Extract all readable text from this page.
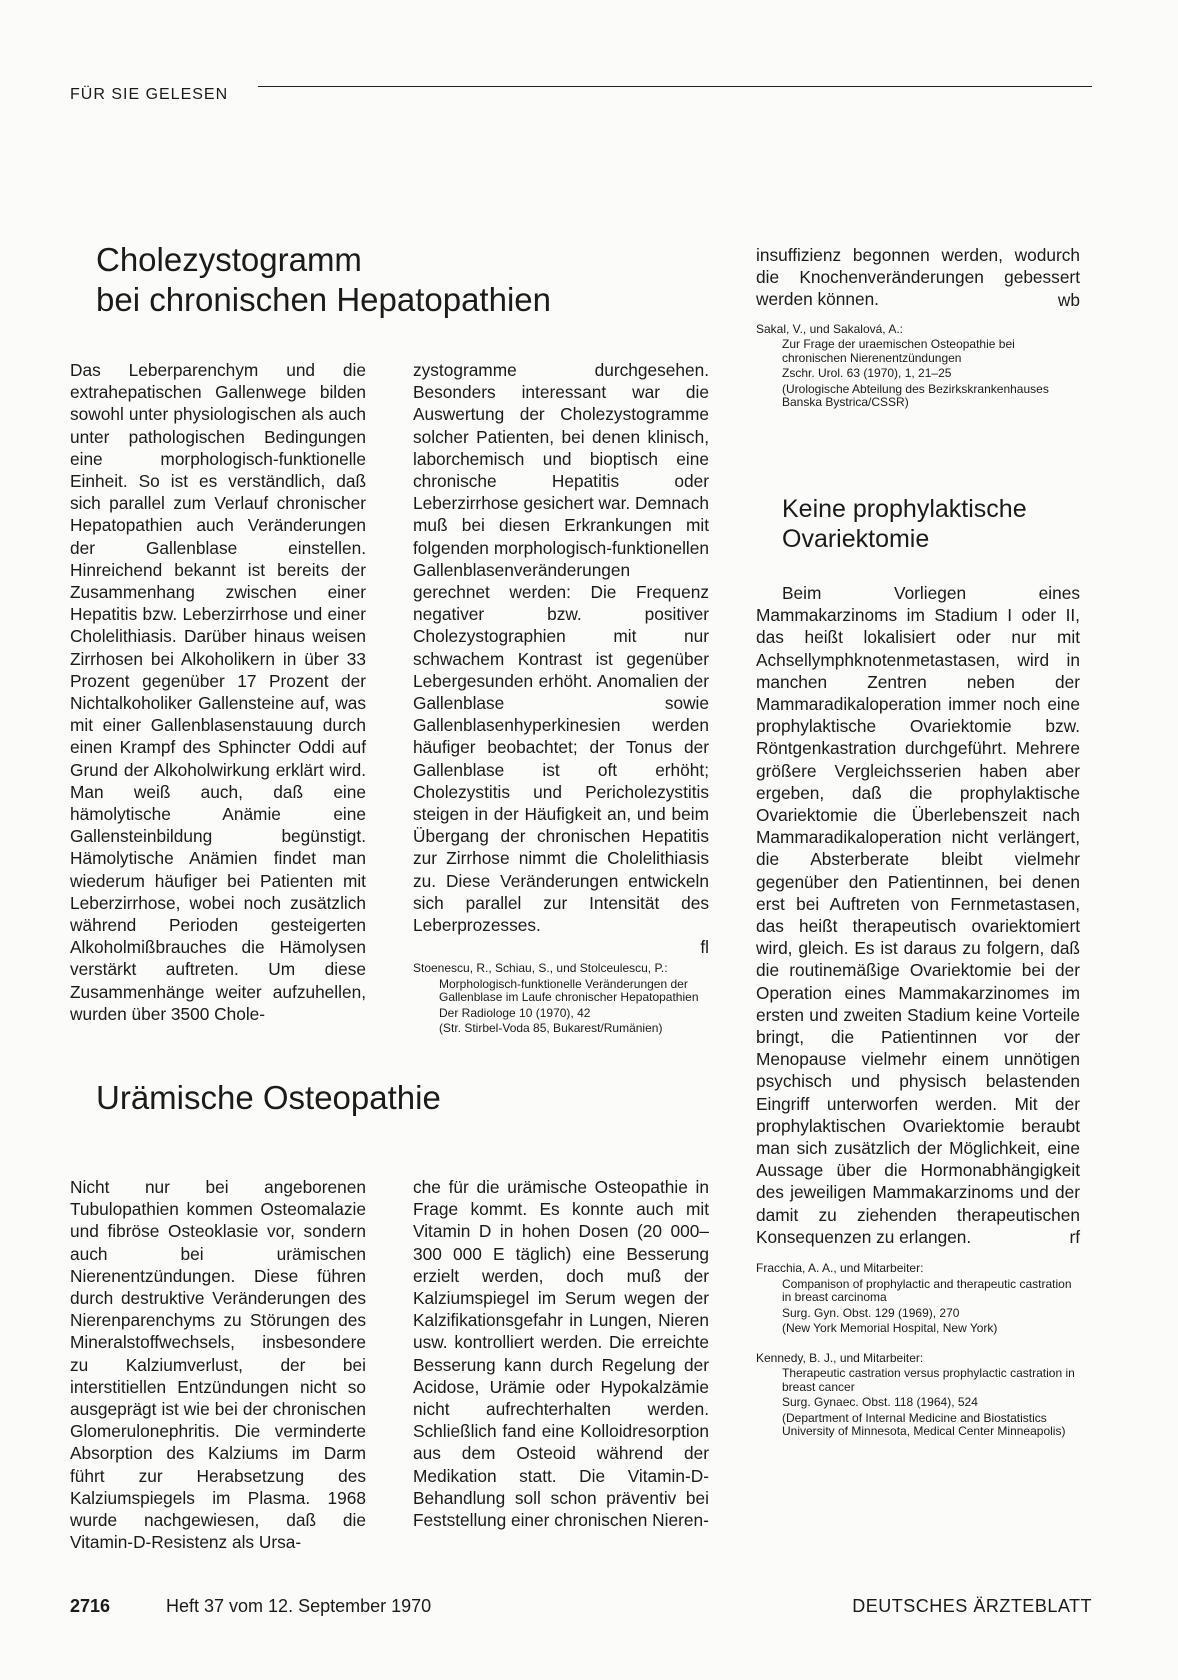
FÜR SIE GELESEN
Cholezystogramm
bei chronischen Hepatopathien

Das Leberparenchym und die extrahepatischen Gallenwege bilden sowohl unter physiologischen als auch unter pathologischen Bedingungen eine morphologisch-funktionelle Einheit. So ist es verständlich, daß sich parallel zum Verlauf chronischer Hepatopathien auch Veränderungen der Gallenblase einstellen. Hinreichend bekannt ist bereits der Zusammenhang zwischen einer Hepatitis bzw. Leberzirrhose und einer Cholelithiasis. Darüber hinaus weisen Zirrhosen bei Alkoholikern in über 33 Prozent gegenüber 17 Prozent der Nichtalkoholiker Gallensteine auf, was mit einer Gallenblasenstauung durch einen Krampf des Sphincter Oddi auf Grund der Alkoholwirkung erklärt wird. Man weiß auch, daß eine hämolytische Anämie eine Gallensteinbildung begünstigt. Hämolytische Anämien findet man wiederum häufiger bei Patienten mit Leberzirrhose, wobei noch zusätzlich während Perioden gesteigerten Alkoholmißbrauches die Hämolysen verstärkt auftreten. Um diese Zusammenhänge weiter aufzuhellen, wurden über 3500 Chole-

zystogramme durchgesehen. Besonders interessant war die Auswertung der Cholezystogramme solcher Patienten, bei denen klinisch, laborchemisch und bioptisch eine chronische Hepatitis oder Leberzirrhose gesichert war. Demnach muß bei diesen Erkrankungen mit folgenden morphologisch-funktionellen Gallenblasenveränderungen gerechnet werden: Die Frequenz negativer bzw. positiver Cholezystographien mit nur schwachem Kontrast ist gegenüber Lebergesunden erhöht. Anomalien der Gallenblase sowie Gallenblasenhyperkinesien werden häufiger beobachtet; der Tonus der Gallenblase ist oft erhöht; Cholezystitis und Pericholezystitis steigen in der Häufigkeit an, und beim Übergang der chronischen Hepatitis zur Zirrhose nimmt die Cholelithiasis zu. Diese Veränderungen entwickeln sich parallel zur Intensität des Leberprozesses.

fl

Stoenescu, R., Schiau, S., und Stolceulescu, P.:

Morphologisch-funktionelle Veränderungen der Gallenblase im Laufe chronischer Hepatopathien

Der Radiologe 10 (1970), 42

(Str. Stirbel-Voda 85, Bukarest/Rumänien)

Urämische Osteopathie

Nicht nur bei angeborenen Tubulopathien kommen Osteomalazie und fibröse Osteoklasie vor, sondern auch bei urämischen Nierenentzündungen. Diese führen durch destruktive Veränderungen des Nierenparenchyms zu Störungen des Mineralstoffwechsels, insbesondere zu Kalziumverlust, der bei interstitiellen Entzündungen nicht so ausgeprägt ist wie bei der chronischen Glomerulonephritis. Die verminderte Absorption des Kalziums im Darm führt zur Herabsetzung des Kalziumspiegels im Plasma. 1968 wurde nachgewiesen, daß die Vitamin-D-Resistenz als Ursa-

che für die urämische Osteopathie in Frage kommt. Es konnte auch mit Vitamin D in hohen Dosen (20 000–300 000 E täglich) eine Besserung erzielt werden, doch muß der Kalziumspiegel im Serum wegen der Kalzifikationsgefahr in Lungen, Nieren usw. kontrolliert werden. Die erreichte Besserung kann durch Regelung der Acidose, Urämie oder Hypokalzämie nicht aufrechterhalten werden. Schließlich fand eine Kolloidresorption aus dem Osteoid während der Medikation statt. Die Vitamin-D-Behandlung soll schon präventiv bei Feststellung einer chronischen Nieren-

insuffizienz begonnen werden, wodurch die Knochenveränderungen gebessert werden können.	wb

Sakal, V., und Sakalová, A.:

Zur Frage der uraemischen Osteopathie bei chronischen Nierenentzündungen

Zschr. Urol. 63 (1970), 1, 21–25

(Urologische Abteilung des Bezirkskrankenhauses Banska Bystrica/CSSR)

Keine prophylaktische
Ovariektomie

Beim Vorliegen eines Mammakarzinoms im Stadium I oder II, das heißt lokalisiert oder nur mit Achsellymphknotenmetastasen, wird in manchen Zentren neben der Mammaradikaloperation immer noch eine prophylaktische Ovariektomie bzw. Röntgenkastration durchgeführt. Mehrere größere Vergleichsserien haben aber ergeben, daß die prophylaktische Ovariektomie die Überlebenszeit nach Mammaradikaloperation nicht verlängert, die Absterberate bleibt vielmehr gegenüber den Patientinnen, bei denen erst bei Auftreten von Fernmetastasen, das heißt therapeutisch ovariektomiert wird, gleich. Es ist daraus zu folgern, daß die routinemäßige Ovariektomie bei der Operation eines Mammakarzinomes im ersten und zweiten Stadium keine Vorteile bringt, die Patientinnen vor der Menopause vielmehr einem unnötigen psychisch und physisch belastenden Eingriff unterworfen werden. Mit der prophylaktischen Ovariektomie beraubt man sich zusätzlich der Möglichkeit, eine Aussage über die Hormonabhängigkeit des jeweiligen Mammakarzinoms und der damit zu ziehenden therapeutischen Konsequenzen zu erlangen.	rf

Fracchia, A. A., und Mitarbeiter:

Companison of prophylactic and therapeutic castration in breast carcinoma

Surg. Gyn. Obst. 129 (1969), 270

(New York Memorial Hospital, New York)

Kennedy, B. J., und Mitarbeiter:

Therapeutic castration versus prophylactic castration in breast cancer

Surg. Gynaec. Obst. 118 (1964), 524

(Department of Internal Medicine and Biostatistics University of Minnesota, Medical Center Minneapolis)

2716	Heft 37 vom 12. September 1970	DEUTSCHES ÄRZTEBLATT
